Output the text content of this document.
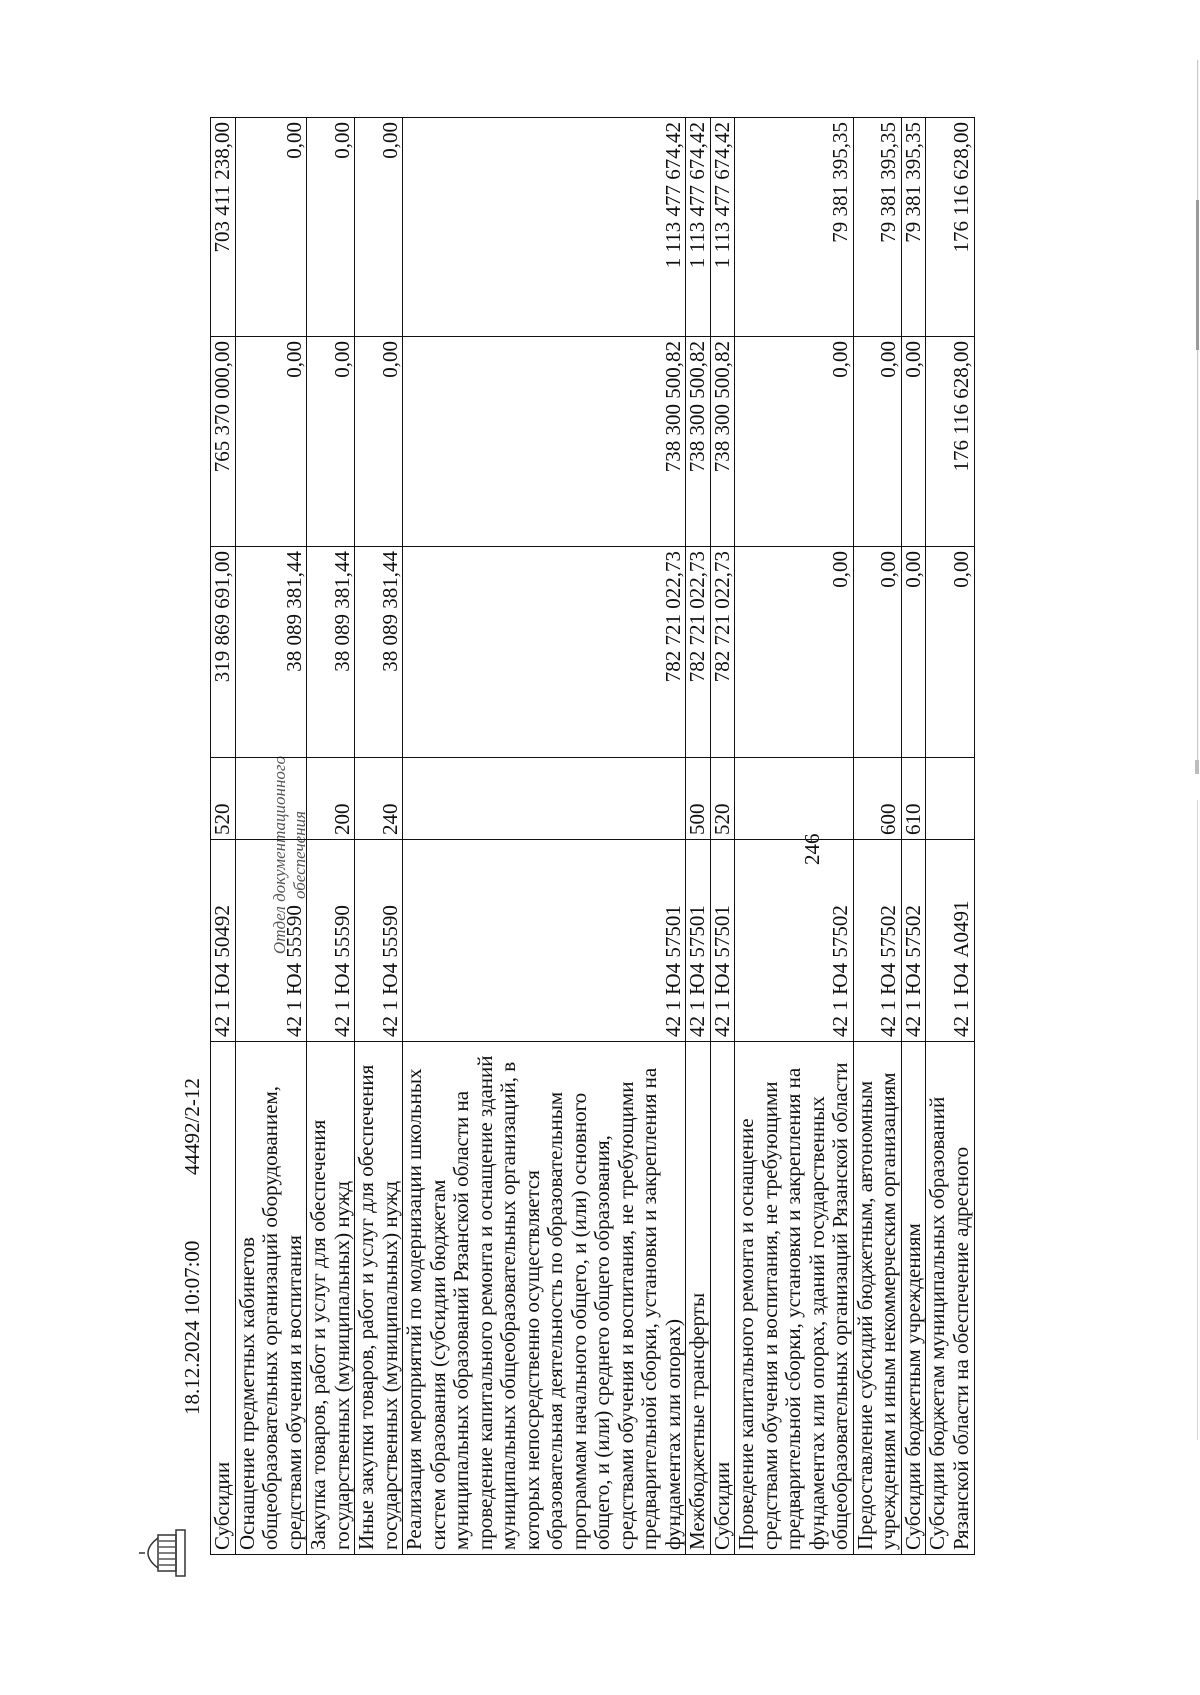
246
18.12.2024 10:07:00
44492/2-12
Отдел документационного обеспечения
Субсидии	42 1 Ю4 50492	520	319 869 691,00	765 370 000,00	703 411 238,00
Оснащение предметных кабинетов общеобразовательных организаций оборудованием, средствами обучения и воспитания	42 1 Ю4 55590		38 089 381,44	0,00	0,00
Закупка товаров, работ и услуг для обеспечения государственных (муниципальных) нужд	42 1 Ю4 55590	200	38 089 381,44	0,00	0,00
Иные закупки товаров, работ и услуг для обеспечения государственных (муниципальных) нужд	42 1 Ю4 55590	240	38 089 381,44	0,00	0,00
Реализация мероприятий по модернизации школьных систем образования (субсидии бюджетам муниципальных образований Рязанской области на проведение капитального ремонта и оснащение зданий муниципальных общеобразовательных организаций, в которых непосредственно осуществляется образовательная деятельность по образовательным программам начального общего, и (или) основного общего, и (или) среднего общего образования, средствами обучения и воспитания, не требующими предварительной сборки, установки и закрепления на фундаментах или опорах)	42 1 Ю4 57501		782 721 022,73	738 300 500,82	1 113 477 674,42
Межбюджетные трансферты	42 1 Ю4 57501	500	782 721 022,73	738 300 500,82	1 113 477 674,42
Субсидии	42 1 Ю4 57501	520	782 721 022,73	738 300 500,82	1 113 477 674,42
Проведение капитального ремонта и оснащение средствами обучения и воспитания, не требующими предварительной сборки, установки и закрепления на фундаментах или опорах, зданий государственных общеобразовательных организаций Рязанской области	42 1 Ю4 57502		0,00	0,00	79 381 395,35
Предоставление субсидий бюджетным, автономным учреждениям и иным некоммерческим организациям	42 1 Ю4 57502	600	0,00	0,00	79 381 395,35
Субсидии бюджетным учреждениям	42 1 Ю4 57502	610	0,00	0,00	79 381 395,35
Субсидии бюджетам муниципальных образований Рязанской области на обеспечение адресного	42 1 Ю4 A0491		0,00	176 116 628,00	176 116 628,00
